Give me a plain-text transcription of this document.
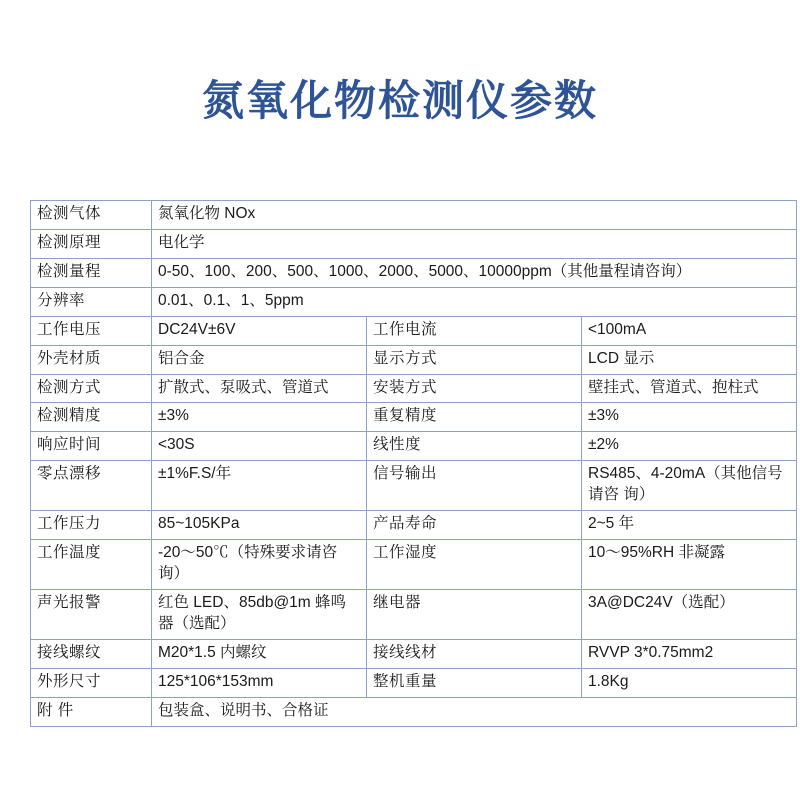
氮氧化物检测仪参数
检测气体	氮氧化物 NOx		
检测原理	电化学		
检测量程	0-50、100、200、500、1000、2000、5000、10000ppm（其他量程请咨询）		
分辨率	0.01、0.1、1、5ppm		
工作电压	DC24V±6V	工作电流	<100mA
外壳材质	铝合金	显示方式	LCD 显示
检测方式	扩散式、泵吸式、管道式	安装方式	壁挂式、管道式、抱柱式
检测精度	±3%	重复精度	±3%
响应时间	<30S	线性度	±2%
零点漂移	±1%F.S/年	信号输出	RS485、4-20mA（其他信号请咨 询）
工作压力	85~105KPa	产品寿命	2~5 年
工作温度	-20～50℃（特殊要求请咨询）	工作湿度	10～95%RH 非凝露
声光报警	红色 LED、85db@1m 蜂鸣器（选配）	继电器	3A@DC24V（选配）
接线螺纹	M20*1.5 内螺纹	接线线材	RVVP 3*0.75mm2
外形尺寸	125*106*153mm	整机重量	1.8Kg
附 件	包装盒、说明书、合格证		
